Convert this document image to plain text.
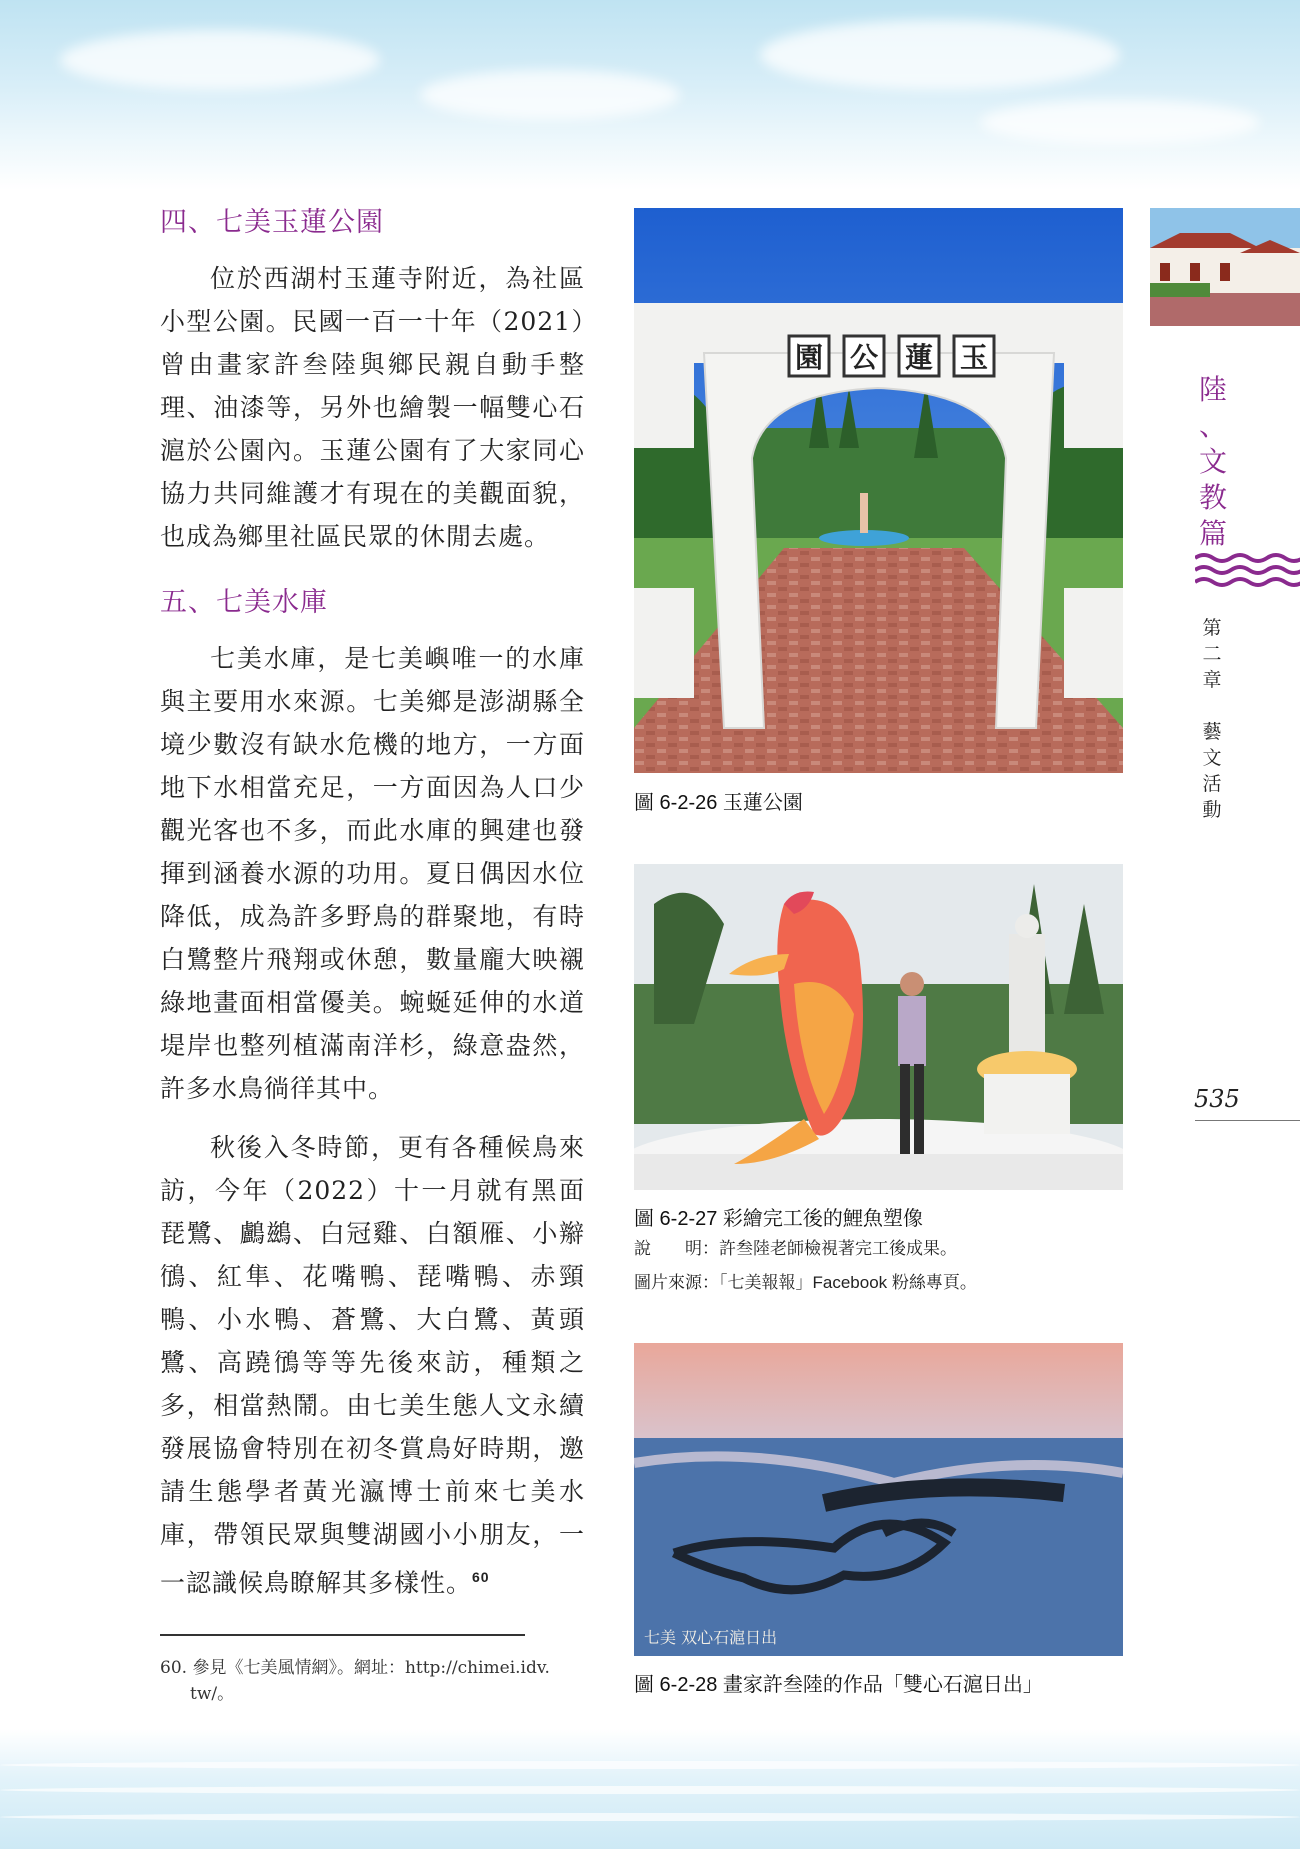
四、七美玉蓮公園

位於西湖村玉蓮寺附近，為社區小型公園。民國一百一十年（2021）曾由畫家許叁陸與鄉民親自動手整理、油漆等，另外也繪製一幅雙心石滬於公園內。玉蓮公園有了大家同心協力共同維護才有現在的美觀面貌，也成為鄉里社區民眾的休閒去處。

五、七美水庫

七美水庫，是七美嶼唯一的水庫與主要用水來源。七美鄉是澎湖縣全境少數沒有缺水危機的地方，一方面地下水相當充足，一方面因為人口少觀光客也不多，而此水庫的興建也發揮到涵養水源的功用。夏日偶因水位降低，成為許多野鳥的群聚地，有時白鷺整片飛翔或休憩，數量龐大映襯綠地畫面相當優美。蜿蜒延伸的水道堤岸也整列植滿南洋杉，綠意盎然，許多水鳥徜徉其中。

秋後入冬時節，更有各種候鳥來訪，今年（2022）十一月就有黑面琵鷺、鸕鷀、白冠雞、白額雁、小辮鴴、紅隼、花嘴鴨、琵嘴鴨、赤頸鴨、小水鴨、蒼鷺、大白鷺、黃頭鷺、高蹺鴴等等先後來訪，種類之多，相當熱鬧。由七美生態人文永續發展協會特別在初冬賞鳥好時期，邀請生態學者黃光瀛博士前來七美水庫，帶領民眾與雙湖國小小朋友，一一認識候鳥瞭解其多樣性。$^{60}$

60. 參見《七美風情網》。網址：http://chimei.idv.
tw/。
園 公 蓮 玉
圖 6-2-26 玉蓮公園
圖 6-2-27 彩繪完工後的鯉魚塑像
說　　明：許叁陸老師檢視著完工後成果。
圖片來源：「七美報報」Facebook 粉絲專頁。
七美 双心石滬日出
圖 6-2-28 畫家許叁陸的作品「雙心石滬日出」
陸
、
文
教
篇
第
二
章

藝
文
活
動
535
